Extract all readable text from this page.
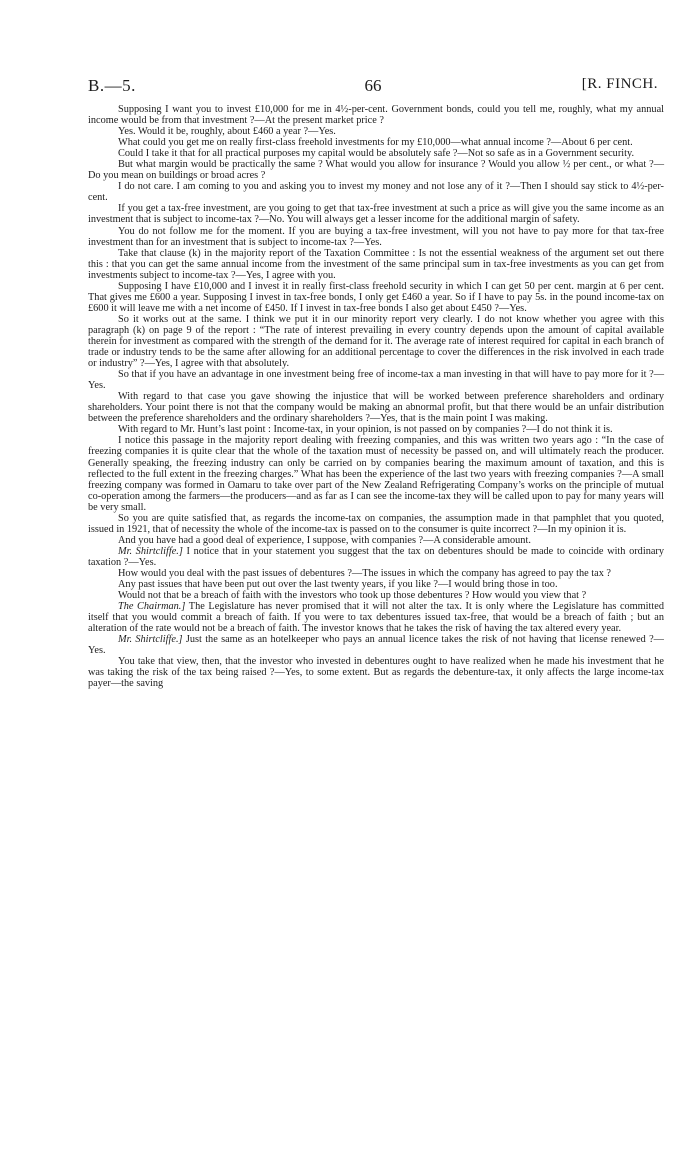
B.—5.	66	[R. FINCH.

Supposing I want you to invest £10,000 for me in 4½-per-cent. Government bonds, could you tell me, roughly, what my annual income would be from that investment ?—At the present market price ?

Yes. Would it be, roughly, about £460 a year ?—Yes.

What could you get me on really first-class freehold investments for my £10,000—what annual income ?—About 6 per cent.

Could I take it that for all practical purposes my capital would be absolutely safe ?—Not so safe as in a Government security.

But what margin would be practically the same ? What would you allow for insurance ? Would you allow ½ per cent., or what ?—Do you mean on buildings or broad acres ?

I do not care. I am coming to you and asking you to invest my money and not lose any of it ?—Then I should say stick to 4½-per-cent.

If you get a tax-free investment, are you going to get that tax-free investment at such a price as will give you the same income as an investment that is subject to income-tax ?—No. You will always get a lesser income for the additional margin of safety.

You do not follow me for the moment. If you are buying a tax-free investment, will you not have to pay more for that tax-free investment than for an investment that is subject to income-tax ?—Yes.

Take that clause (k) in the majority report of the Taxation Committee : Is not the essential weakness of the argument set out there this : that you can get the same annual income from the investment of the same principal sum in tax-free investments as you can get from investments subject to income-tax ?—Yes, I agree with you.

Supposing I have £10,000 and I invest it in really first-class freehold security in which I can get 50 per cent. margin at 6 per cent. That gives me £600 a year. Supposing I invest in tax-free bonds, I only get £460 a year. So if I have to pay 5s. in the pound income-tax on £600 it will leave me with a net income of £450. If I invest in tax-free bonds I also get about £450 ?—Yes.

So it works out at the same. I think we put it in our minority report very clearly. I do not know whether you agree with this paragraph (k) on page 9 of the report : “The rate of interest prevailing in every country depends upon the amount of capital available therein for investment as compared with the strength of the demand for it. The average rate of interest required for capital in each branch of trade or industry tends to be the same after allowing for an additional percentage to cover the differences in the risk involved in each trade or industry” ?—Yes, I agree with that absolutely.

So that if you have an advantage in one investment being free of income-tax a man investing in that will have to pay more for it ?—Yes.

With regard to that case you gave showing the injustice that will be worked between preference shareholders and ordinary shareholders. Your point there is not that the company would be making an abnormal profit, but that there would be an unfair distribution between the preference shareholders and the ordinary shareholders ?—Yes, that is the main point I was making.

With regard to Mr. Hunt’s last point : Income-tax, in your opinion, is not passed on by companies ?—I do not think it is.

I notice this passage in the majority report dealing with freezing companies, and this was written two years ago : “In the case of freezing companies it is quite clear that the whole of the taxation must of necessity be passed on, and will ultimately reach the producer. Generally speaking, the freezing industry can only be carried on by companies bearing the maximum amount of taxation, and this is reflected to the full extent in the freezing charges.” What has been the experience of the last two years with freezing companies ?—A small freezing company was formed in Oamaru to take over part of the New Zealand Refrigerating Company’s works on the principle of mutual co-operation among the farmers—the producers—and as far as I can see the income-tax they will be called upon to pay for many years will be very small.

So you are quite satisfied that, as regards the income-tax on companies, the assumption made in that pamphlet that you quoted, issued in 1921, that of necessity the whole of the income-tax is passed on to the consumer is quite incorrect ?—In my opinion it is.

And you have had a good deal of experience, I suppose, with companies ?—A considerable amount.

Mr. Shirtcliffe.] I notice that in your statement you suggest that the tax on debentures should be made to coincide with ordinary taxation ?—Yes.

How would you deal with the past issues of debentures ?—The issues in which the company has agreed to pay the tax ?

Any past issues that have been put out over the last twenty years, if you like ?—I would bring those in too.

Would not that be a breach of faith with the investors who took up those debentures ? How would you view that ?

The Chairman.] The Legislature has never promised that it will not alter the tax. It is only where the Legislature has committed itself that you would commit a breach of faith. If you were to tax debentures issued tax-free, that would be a breach of faith ; but an alteration of the rate would not be a breach of faith. The investor knows that he takes the risk of having the tax altered every year.

Mr. Shirtcliffe.] Just the same as an hotelkeeper who pays an annual licence takes the risk of not having that license renewed ?—Yes.

You take that view, then, that the investor who invested in debentures ought to have realized when he made his investment that he was taking the risk of the tax being raised ?—Yes, to some extent. But as regards the debenture-tax, it only affects the large income-tax payer—the saving
